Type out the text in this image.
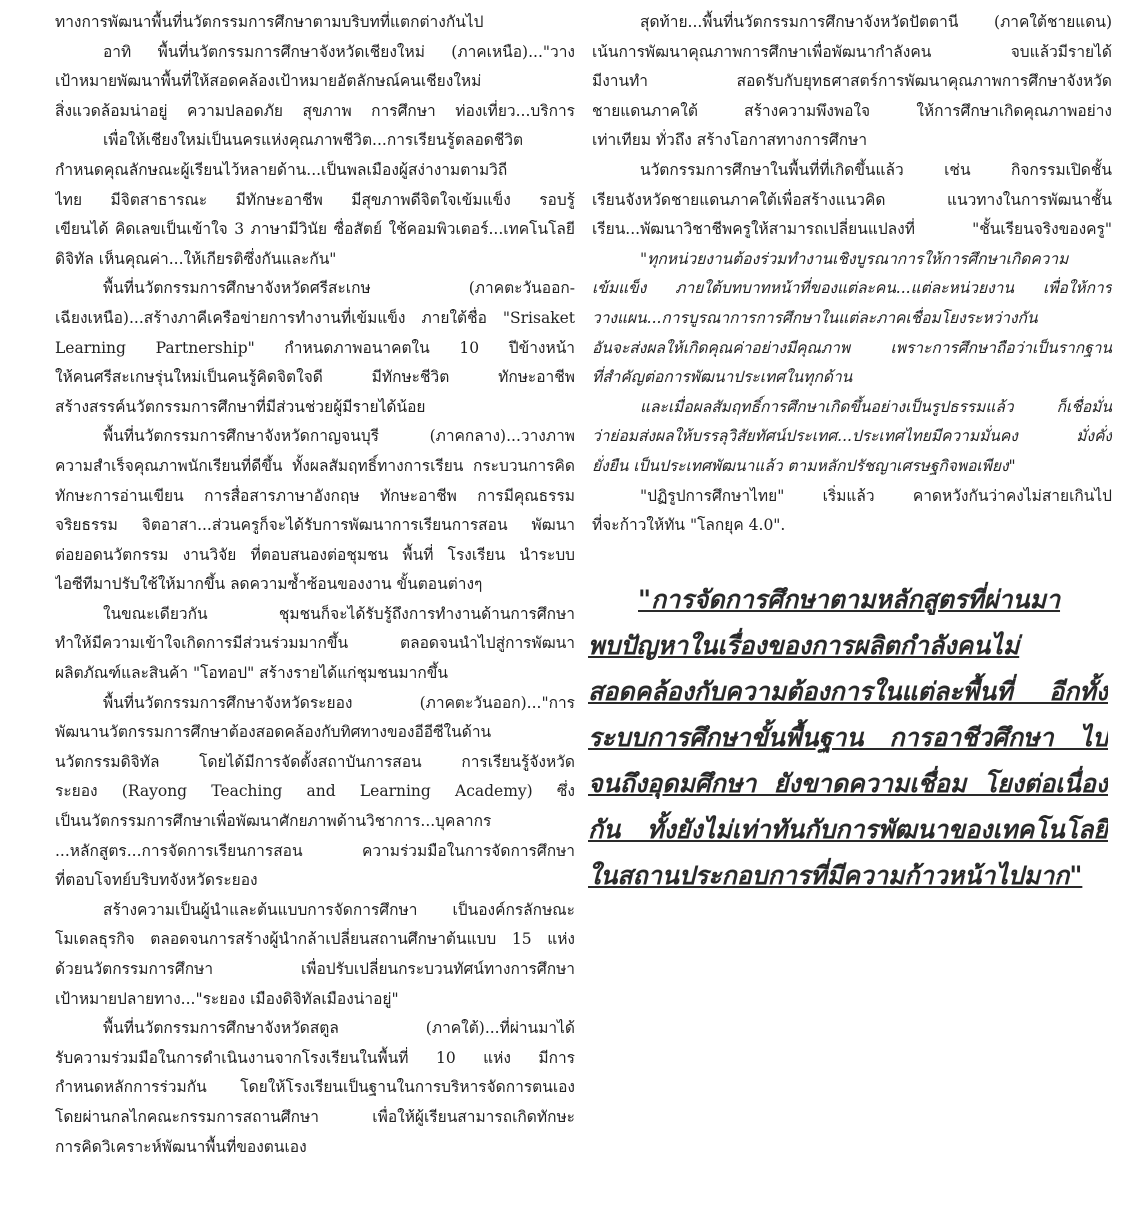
ทางการพัฒนาพื้นที่นวัตกรรมการศึกษาตามบริบทที่แตกต่างกันไป
อาทิ พื้นที่นวัตกรรมการศึกษาจังหวัดเชียงใหม่ (ภาคเหนือ)..."วาง
เป้าหมายพัฒนาพื้นที่ให้สอดคล้องเป้าหมายอัตลักษณ์คนเชียงใหม่
สิ่งแวดล้อมน่าอยู่ ความปลอดภัย สุขภาพ การศึกษา ท่องเที่ยว...บริการ
เพื่อให้เชียงใหม่เป็นนครแห่งคุณภาพชีวิต...การเรียนรู้ตลอดชีวิต
กำหนดคุณลักษณะผู้เรียนไว้หลายด้าน...เป็นพลเมืองผู้สง่างามตามวิถี
ไทย มีจิตสาธารณะ มีทักษะอาชีพ มีสุขภาพดีจิตใจเข้มแข็ง รอบรู้
เขียนได้ คิดเลขเป็นเข้าใจ 3 ภาษามีวินัย ซื่อสัตย์ ใช้คอมพิวเตอร์...เทคโนโลยี
ดิจิทัล เห็นคุณค่า...ให้เกียรติซึ่งกันและกัน"
พื้นที่นวัตกรรมการศึกษาจังหวัดศรีสะเกษ (ภาคตะวันออก-
เฉียงเหนือ)...สร้างภาคีเครือข่ายการทำงานที่เข้มแข็ง ภายใต้ชื่อ "Srisaket
Learning Partnership" กำหนดภาพอนาคตใน 10 ปีข้างหน้า
ให้คนศรีสะเกษรุ่นใหม่เป็นคนรู้คิดจิตใจดี มีทักษะชีวิต ทักษะอาชีพ
สร้างสรรค์นวัตกรรมการศึกษาที่มีส่วนช่วยผู้มีรายได้น้อย
พื้นที่นวัตกรรมการศึกษาจังหวัดกาญจนบุรี (ภาคกลาง)...วางภาพ
ความสำเร็จคุณภาพนักเรียนที่ดีขึ้น ทั้งผลสัมฤทธิ์ทางการเรียน กระบวนการคิด
ทักษะการอ่านเขียน การสื่อสารภาษาอังกฤษ ทักษะอาชีพ การมีคุณธรรม
จริยธรรม จิตอาสา...ส่วนครูก็จะได้รับการพัฒนาการเรียนการสอน พัฒนา
ต่อยอดนวัตกรรม งานวิจัย ที่ตอบสนองต่อชุมชน พื้นที่ โรงเรียน นำระบบ
ไอซีทีมาปรับใช้ให้มากขึ้น ลดความซ้ำซ้อนของงาน ขั้นตอนต่างๆ
ในขณะเดียวกัน ชุมชนก็จะได้รับรู้ถึงการทำงานด้านการศึกษา
ทำให้มีความเข้าใจเกิดการมีส่วนร่วมมากขึ้น ตลอดจนนำไปสู่การพัฒนา
ผลิตภัณฑ์และสินค้า "โอทอป" สร้างรายได้แก่ชุมชนมากขึ้น
พื้นที่นวัตกรรมการศึกษาจังหวัดระยอง (ภาคตะวันออก)..."การ
พัฒนานวัตกรรมการศึกษาต้องสอดคล้องกับทิศทางของอีอีซีในด้าน
นวัตกรรมดิจิทัล โดยได้มีการจัดตั้งสถาบันการสอน การเรียนรู้จังหวัด
ระยอง (Rayong Teaching and Learning Academy) ซึ่ง
เป็นนวัตกรรมการศึกษาเพื่อพัฒนาศักยภาพด้านวิชาการ...บุคลากร
...หลักสูตร...การจัดการเรียนการสอน ความร่วมมือในการจัดการศึกษา
ที่ตอบโจทย์บริบทจังหวัดระยอง
สร้างความเป็นผู้นำและต้นแบบการจัดการศึกษา เป็นองค์กรลักษณะ
โมเดลธุรกิจ ตลอดจนการสร้างผู้นำกล้าเปลี่ยนสถานศึกษาต้นแบบ 15 แห่ง
ด้วยนวัตกรรมการศึกษา เพื่อปรับเปลี่ยนกระบวนทัศน์ทางการศึกษา
เป้าหมายปลายทาง..."ระยอง เมืองดิจิทัลเมืองน่าอยู่"
พื้นที่นวัตกรรมการศึกษาจังหวัดสตูล (ภาคใต้)...ที่ผ่านมาได้
รับความร่วมมือในการดำเนินงานจากโรงเรียนในพื้นที่ 10 แห่ง มีการ
กำหนดหลักการร่วมกัน โดยให้โรงเรียนเป็นฐานในการบริหารจัดการตนเอง
โดยผ่านกลไกคณะกรรมการสถานศึกษา เพื่อให้ผู้เรียนสามารถเกิดทักษะ
การคิดวิเคราะห์พัฒนาพื้นที่ของตนเอง
สุดท้าย...พื้นที่นวัตกรรมการศึกษาจังหวัดปัตตานี (ภาคใต้ชายแดน)
เน้นการพัฒนาคุณภาพการศึกษาเพื่อพัฒนากำลังคน จบแล้วมีรายได้
มีงานทำ สอดรับกับยุทธศาสตร์การพัฒนาคุณภาพการศึกษาจังหวัด
ชายแดนภาคใต้ สร้างความพึงพอใจ ให้การศึกษาเกิดคุณภาพอย่าง
เท่าเทียม ทั่วถึง สร้างโอกาสทางการศึกษา
นวัตกรรมการศึกษาในพื้นที่ที่เกิดขึ้นแล้ว เช่น กิจกรรมเปิดชั้น
เรียนจังหวัดชายแดนภาคใต้เพื่อสร้างแนวคิด แนวทางในการพัฒนาชั้น
เรียน...พัฒนาวิชาชีพครูให้สามารถเปลี่ยนแปลงที่ "ชั้นเรียนจริงของครู"
"ทุกหน่วยงานต้องร่วมทำงานเชิงบูรณาการให้การศึกษาเกิดความ
เข้มแข็ง ภายใต้บทบาทหน้าที่ของแต่ละคน...แต่ละหน่วยงาน เพื่อให้การ
วางแผน...การบูรณาการการศึกษาในแต่ละภาคเชื่อมโยงระหว่างกัน
อันจะส่งผลให้เกิดคุณค่าอย่างมีคุณภาพ เพราะการศึกษาถือว่าเป็นรากฐาน
ที่สำคัญต่อการพัฒนาประเทศในทุกด้าน
และเมื่อผลสัมฤทธิ์การศึกษาเกิดขึ้นอย่างเป็นรูปธรรมแล้ว ก็เชื่อมั่น
ว่าย่อมส่งผลให้บรรลุวิสัยทัศน์ประเทศ...ประเทศไทยมีความมั่นคง มั่งคั่ง
ยั่งยืน เป็นประเทศพัฒนาแล้ว ตามหลักปรัชญาเศรษฐกิจพอเพียง"
"ปฏิรูปการศึกษาไทย" เริ่มแล้ว คาดหวังกันว่าคงไม่สายเกินไป
ที่จะก้าวให้ทัน "โลกยุค 4.0".
"การจัดการศึกษาตามหลักสูตรที่ผ่านมา
พบปัญหาในเรื่องของการผลิตกำลังคนไม่
สอดคล้องกับความต้องการในแต่ละพื้นที่ อีกทั้ง
ระบบการศึกษาขั้นพื้นฐาน การอาชีวศึกษา ไป
จนถึงอุดมศึกษา ยังขาดความเชื่อม โยงต่อเนื่อง
กัน ทั้งยังไม่เท่าทันกับการพัฒนาของเทคโนโลยี
ในสถานประกอบการที่มีความก้าวหน้าไปมาก"
